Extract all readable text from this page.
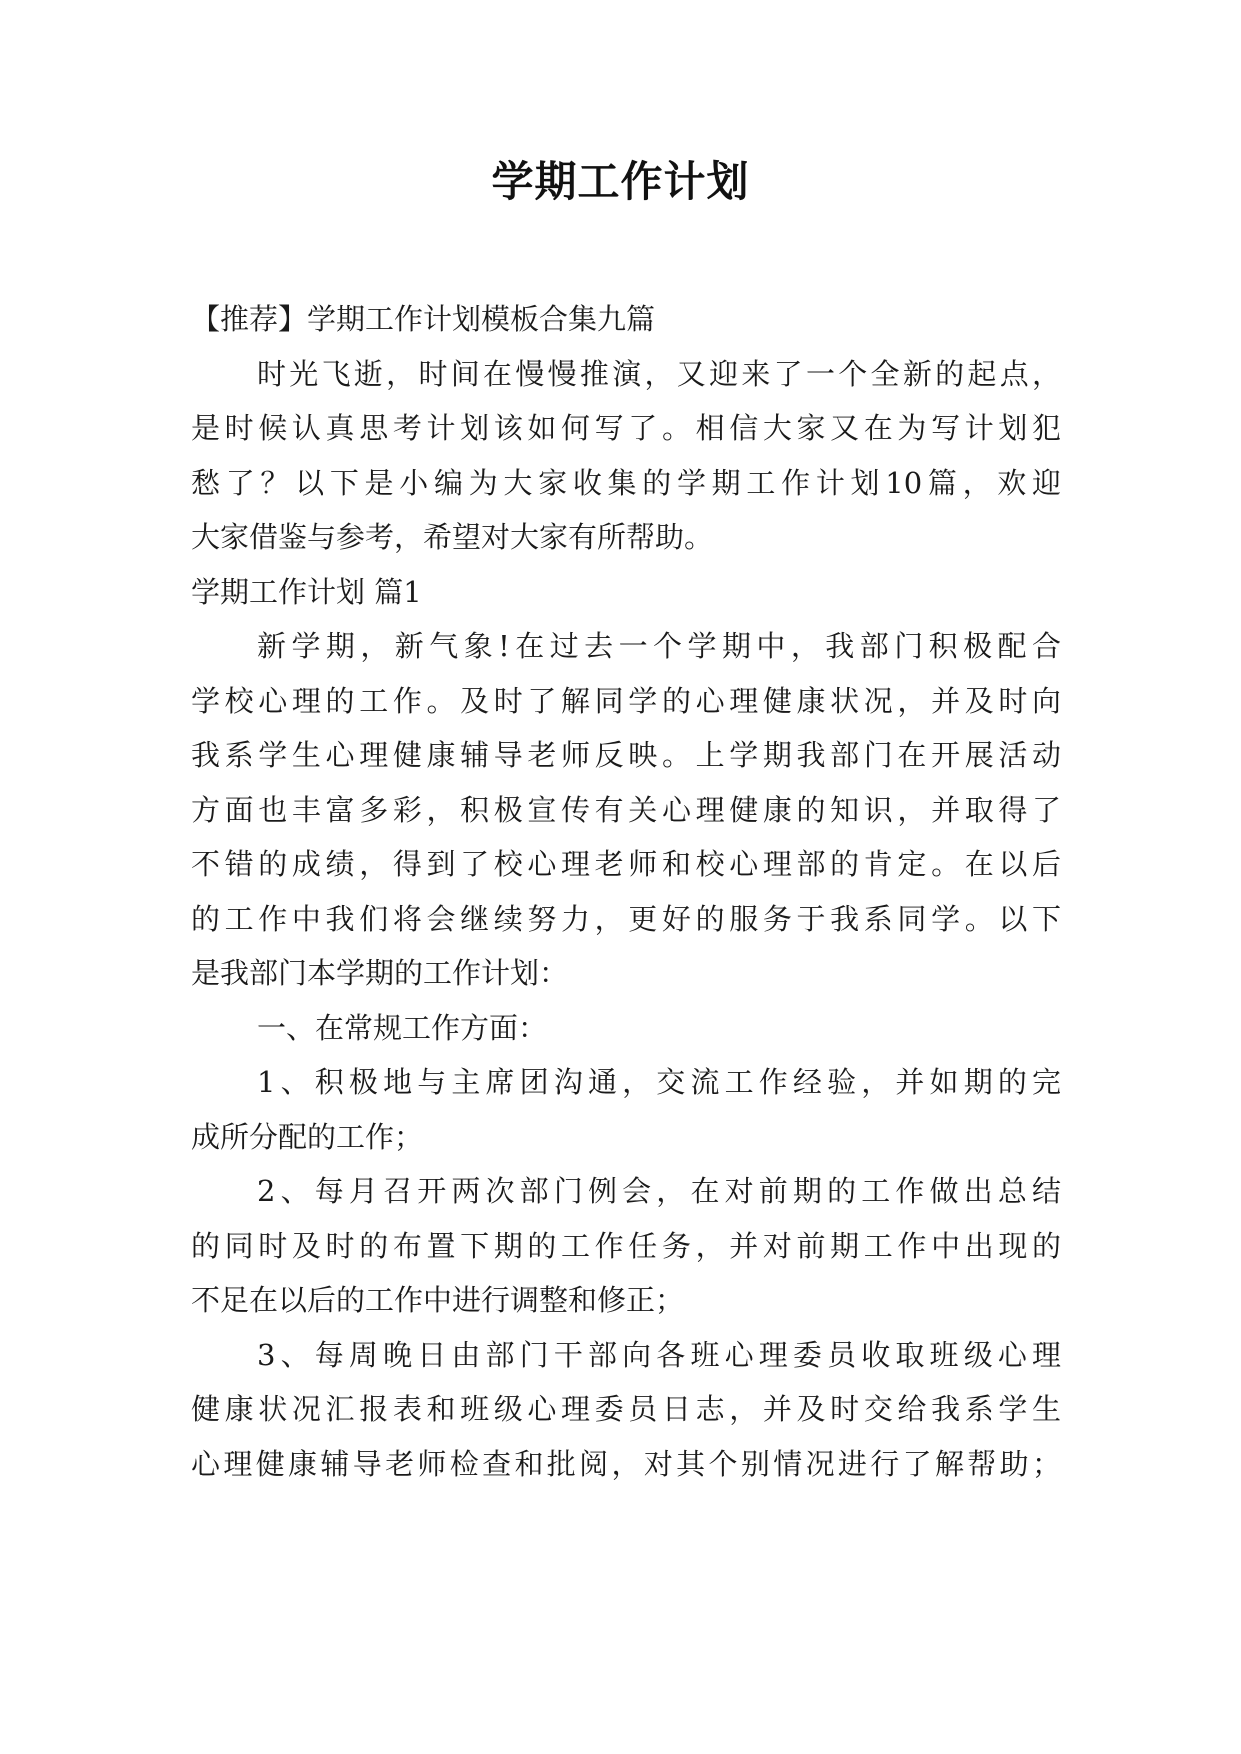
学期工作计划
【推荐】学期工作计划模板合集九篇
时光飞逝，时间在慢慢推演，又迎来了一个全新的起点，
是时候认真思考计划该如何写了。相信大家又在为写计划犯
愁了？以下是小编为大家收集的学期工作计划10篇，欢迎
大家借鉴与参考，希望对大家有所帮助。
学期工作计划 篇1
新学期，新气象!在过去一个学期中，我部门积极配合
学校心理的工作。及时了解同学的心理健康状况，并及时向
我系学生心理健康辅导老师反映。上学期我部门在开展活动
方面也丰富多彩，积极宣传有关心理健康的知识，并取得了
不错的成绩，得到了校心理老师和校心理部的肯定。在以后
的工作中我们将会继续努力，更好的服务于我系同学。以下
是我部门本学期的工作计划：
一、在常规工作方面：
1、积极地与主席团沟通，交流工作经验，并如期的完
成所分配的工作；
2、每月召开两次部门例会，在对前期的工作做出总结
的同时及时的布置下期的工作任务，并对前期工作中出现的
不足在以后的工作中进行调整和修正；
3、每周晚日由部门干部向各班心理委员收取班级心理
健康状况汇报表和班级心理委员日志，并及时交给我系学生
心理健康辅导老师检查和批阅，对其个别情况进行了解帮助；
